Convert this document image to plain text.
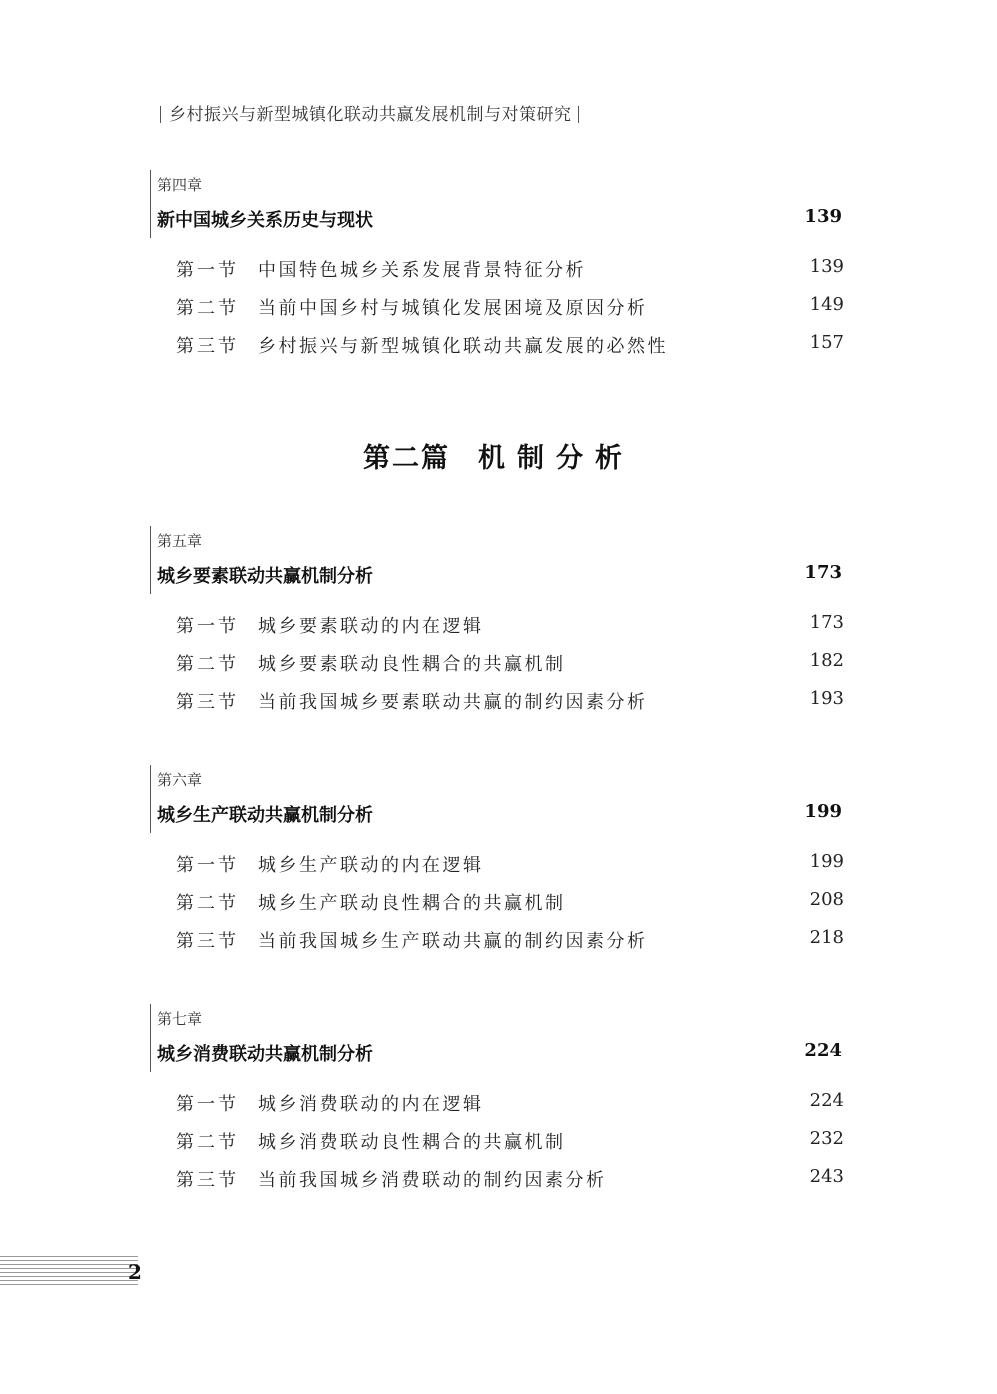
乡村振兴与新型城镇化联动共赢发展机制与对策研究
第四章
新中国城乡关系历史与现状	139
第一节 中国特色城乡关系发展背景特征分析	139
第二节 当前中国乡村与城镇化发展困境及原因分析	149
第三节 乡村振兴与新型城镇化联动共赢发展的必然性	157
第二篇 机制分析
第五章
城乡要素联动共赢机制分析	173
第一节 城乡要素联动的内在逻辑	173
第二节 城乡要素联动良性耦合的共赢机制	182
第三节 当前我国城乡要素联动共赢的制约因素分析	193
第六章
城乡生产联动共赢机制分析	199
第一节 城乡生产联动的内在逻辑	199
第二节 城乡生产联动良性耦合的共赢机制	208
第三节 当前我国城乡生产联动共赢的制约因素分析	218
第七章
城乡消费联动共赢机制分析	224
第一节 城乡消费联动的内在逻辑	224
第二节 城乡消费联动良性耦合的共赢机制	232
第三节 当前我国城乡消费联动的制约因素分析	243
2
